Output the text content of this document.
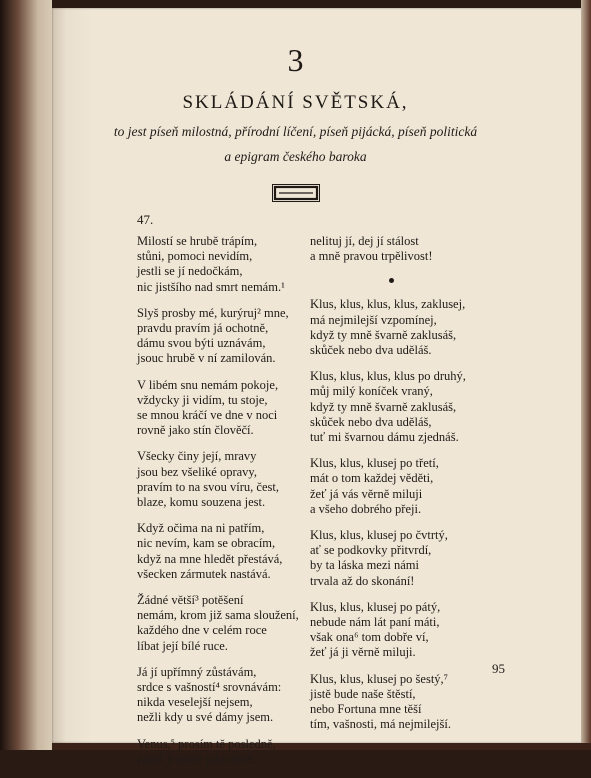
3
SKLÁDÁNÍ SVĚTSKÁ,
to jest píseň milostná, přírodní líčení, píseň pijácká, píseň politická
a epigram českého baroka
47.
Milostí se hrubě trápím,
stůni, pomoci nevidím,
jestli se jí nedočkám,
nic jistšího nad smrt nemám.¹
Slyš prosby mé, kurýruj² mne,
pravdu pravím já ochotně,
dámu svou býti uznávám,
jsouc hrubě v ní zamilován.
V libém snu nemám pokoje,
vždycky ji vidím, tu stoje,
se mnou kráčí ve dne v noci
rovně jako stín člověčí.
Všecky činy její, mravy
jsou bez všeliké opravy,
pravím to na svou víru, čest,
blaze, komu souzena jest.
Když očima na ni patřím,
nic nevím, kam se obracím,
když na mne hledět přestává,
všecken zármutek nastává.
Žádné větší³ potěšení
nemám, krom již sama sloužení,
každého dne v celém roce
líbat její bílé ruce.
Já jí upřímný zůstávám,
srdce s vašností⁴ srovnávám:
nikda veselejší nejsem,
nežli kdy u své dámy jsem.
Venus,⁵ prosím tě posledně,
zapal jí srdce jako mně,
nelituj jí, dej jí stálost
a mně pravou trpělivost!
Klus, klus, klus, klus, zaklusej,
má nejmilejší vzpomínej,
když ty mně švarně zaklusáš,
skůček nebo dva uděláš.
Klus, klus, klus, klus po druhý,
můj milý koníček vraný,
když ty mně švarně zaklusáš,
skůček nebo dva uděláš,
tuť mi švarnou dámu zjednáš.
Klus, klus, klusej po třetí,
mát o tom každej věděti,
žeť já vás věrně miluji
a všeho dobrého přeji.
Klus, klus, klusej po čvtrtý,
ať se podkovky přitvrdí,
by ta láska mezi námi
trvala až do skonání!
Klus, klus, klusej po pátý,
nebude nám lát paní máti,
však ona⁶ tom dobře ví,
žeť já ji věrně miluji.
Klus, klus, klusej po šestý,⁷
jistě bude naše štěstí,
nebo Fortuna mne těší
tím, vašnosti, má nejmilejší.
95
